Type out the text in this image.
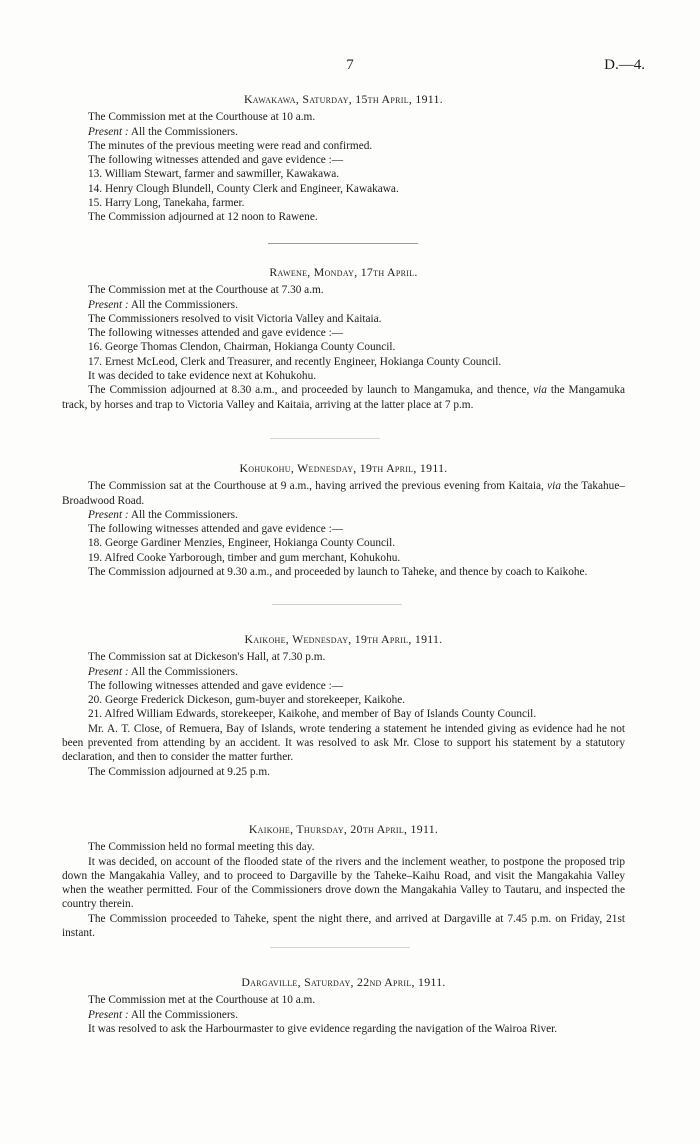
7	D.—4.
Kawakawa, Saturday, 15th April, 1911.

The Commission met at the Courthouse at 10 a.m.

Present : All the Commissioners.

The minutes of the previous meeting were read and confirmed.

The following witnesses attended and gave evidence :—

13. William Stewart, farmer and sawmiller, Kawakawa.

14. Henry Clough Blundell, County Clerk and Engineer, Kawakawa.

15. Harry Long, Tanekaha, farmer.

The Commission adjourned at 12 noon to Rawene.

Rawene, Monday, 17th April.

The Commission met at the Courthouse at 7.30 a.m.

Present : All the Commissioners.

The Commissioners resolved to visit Victoria Valley and Kaitaia.

The following witnesses attended and gave evidence :—

16. George Thomas Clendon, Chairman, Hokianga County Council.

17. Ernest McLeod, Clerk and Treasurer, and recently Engineer, Hokianga County Council.

It was decided to take evidence next at Kohukohu.

The Commission adjourned at 8.30 a.m., and proceeded by launch to Mangamuka, and thence, via the Mangamuka track, by horses and trap to Victoria Valley and Kaitaia, arriving at the latter place at 7 p.m.

Kohukohu, Wednesday, 19th April, 1911.

The Commission sat at the Courthouse at 9 a.m., having arrived the previous evening from Kaitaia, via the Takahue–Broadwood Road.

Present : All the Commissioners.

The following witnesses attended and gave evidence :—

18. George Gardiner Menzies, Engineer, Hokianga County Council.

19. Alfred Cooke Yarborough, timber and gum merchant, Kohukohu.

The Commission adjourned at 9.30 a.m., and proceeded by launch to Taheke, and thence by coach to Kaikohe.

Kaikohe, Wednesday, 19th April, 1911.

The Commission sat at Dickeson's Hall, at 7.30 p.m.

Present : All the Commissioners.

The following witnesses attended and gave evidence :—

20. George Frederick Dickeson, gum-buyer and storekeeper, Kaikohe.

21. Alfred William Edwards, storekeeper, Kaikohe, and member of Bay of Islands County Council.

Mr. A. T. Close, of Remuera, Bay of Islands, wrote tendering a statement he intended giving as evidence had he not been prevented from attending by an accident. It was resolved to ask Mr. Close to support his statement by a statutory declaration, and then to consider the matter further.

The Commission adjourned at 9.25 p.m.

Kaikohe, Thursday, 20th April, 1911.

The Commission held no formal meeting this day.

It was decided, on account of the flooded state of the rivers and the inclement weather, to postpone the proposed trip down the Mangakahia Valley, and to proceed to Dargaville by the Taheke–Kaihu Road, and visit the Mangakahia Valley when the weather permitted. Four of the Commissioners drove down the Mangakahia Valley to Tautaru, and inspected the country therein.

The Commission proceeded to Taheke, spent the night there, and arrived at Dargaville at 7.45 p.m. on Friday, 21st instant.

Dargaville, Saturday, 22nd April, 1911.

The Commission met at the Courthouse at 10 a.m.

Present : All the Commissioners.

It was resolved to ask the Harbourmaster to give evidence regarding the navigation of the Wairoa River.
